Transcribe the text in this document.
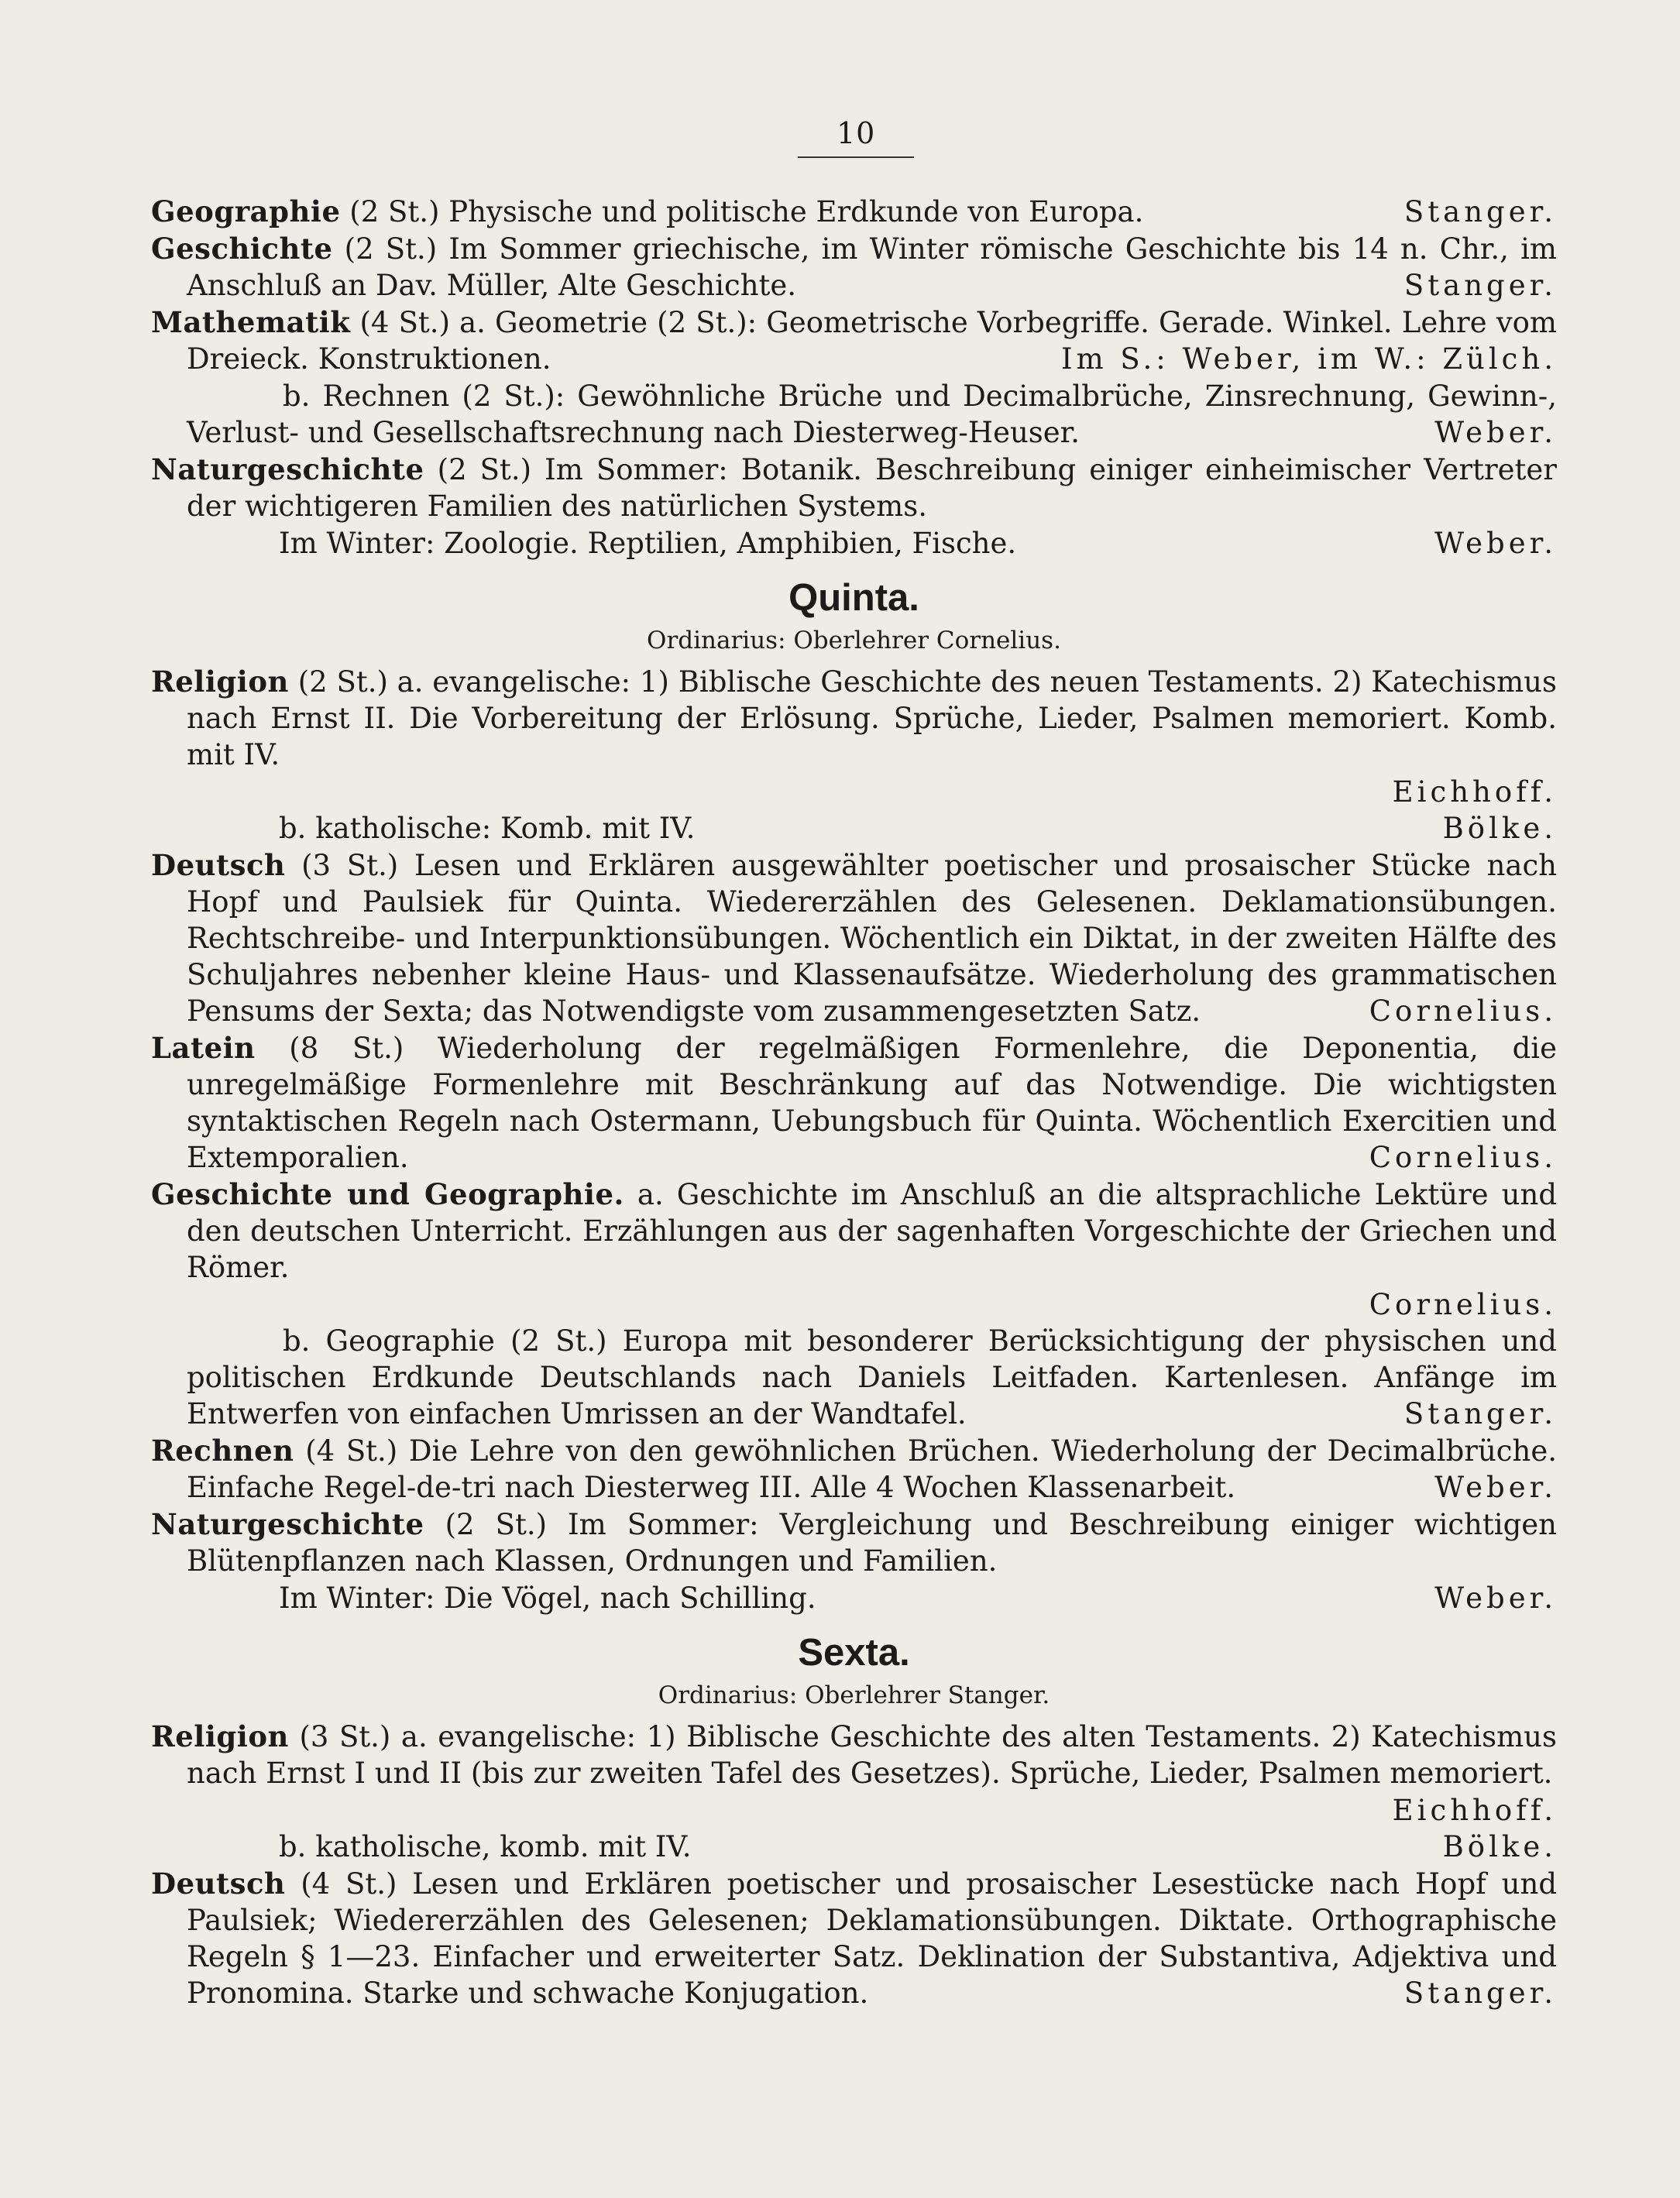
10

Geographie (2 St.) Physische und politische Erdkunde von Europa.	Stanger.

Geschichte (2 St.) Im Sommer griechische, im Winter römische Geschichte bis 14 n. Chr., im Anschluß an Dav. Müller, Alte Geschichte.	Stanger.

Mathematik (4 St.) a. Geometrie (2 St.): Geometrische Vorbegriffe. Gerade. Winkel. Lehre vom Dreieck. Konstruktionen.	Im S.: Weber, im W.: Zülch.

b. Rechnen (2 St.): Gewöhnliche Brüche und Decimalbrüche, Zinsrechnung, Gewinn-, Verlust- und Gesellschaftsrechnung nach Diesterweg-Heuser.	Weber.

Naturgeschichte (2 St.) Im Sommer: Botanik. Beschreibung einiger einheimischer Vertreter der wichtigeren Familien des natürlichen Systems.

Im Winter: Zoologie. Reptilien, Amphibien, Fische.	Weber.

Quinta.
Ordinarius: Oberlehrer Cornelius.

Religion (2 St.) a. evangelische: 1) Biblische Geschichte des neuen Testaments. 2) Katechismus nach Ernst II. Die Vorbereitung der Erlösung. Sprüche, Lieder, Psalmen memoriert. Komb. mit IV.

Eichhoff.

b. katholische: Komb. mit IV.	Bölke.

Deutsch (3 St.) Lesen und Erklären ausgewählter poetischer und prosaischer Stücke nach Hopf und Paulsiek für Quinta. Wiedererzählen des Gelesenen. Deklamationsübungen. Rechtschreibe- und Interpunktionsübungen. Wöchentlich ein Diktat, in der zweiten Hälfte des Schuljahres nebenher kleine Haus- und Klassenaufsätze. Wiederholung des grammatischen Pensums der Sexta; das Notwendigste vom zusammengesetzten Satz.	Cornelius.

Latein (8 St.) Wiederholung der regelmäßigen Formenlehre, die Deponentia, die unregelmäßige Formenlehre mit Beschränkung auf das Notwendige. Die wichtigsten syntaktischen Regeln nach Ostermann, Uebungsbuch für Quinta. Wöchentlich Exercitien und Extemporalien.	Cornelius.

Geschichte und Geographie. a. Geschichte im Anschluß an die altsprachliche Lektüre und den deutschen Unterricht. Erzählungen aus der sagenhaften Vorgeschichte der Griechen und Römer.

Cornelius.

b. Geographie (2 St.) Europa mit besonderer Berücksichtigung der physischen und politischen Erdkunde Deutschlands nach Daniels Leitfaden. Kartenlesen. Anfänge im Entwerfen von einfachen Umrissen an der Wandtafel.	Stanger.

Rechnen (4 St.) Die Lehre von den gewöhnlichen Brüchen. Wiederholung der Decimalbrüche. Einfache Regel-de-tri nach Diesterweg III. Alle 4 Wochen Klassenarbeit.	Weber.

Naturgeschichte (2 St.) Im Sommer: Vergleichung und Beschreibung einiger wichtigen Blütenpflanzen nach Klassen, Ordnungen und Familien.

Im Winter: Die Vögel, nach Schilling.	Weber.

Sexta.
Ordinarius: Oberlehrer Stanger.

Religion (3 St.) a. evangelische: 1) Biblische Geschichte des alten Testaments. 2) Katechismus nach Ernst I und II (bis zur zweiten Tafel des Gesetzes). Sprüche, Lieder, Psalmen memoriert.

Eichhoff.

b. katholische, komb. mit IV.	Bölke.

Deutsch (4 St.) Lesen und Erklären poetischer und prosaischer Lesestücke nach Hopf und Paulsiek; Wiedererzählen des Gelesenen; Deklamationsübungen. Diktate. Orthographische Regeln § 1—23. Einfacher und erweiterter Satz. Deklination der Substantiva, Adjektiva und Pronomina. Starke und schwache Konjugation.	Stanger.
